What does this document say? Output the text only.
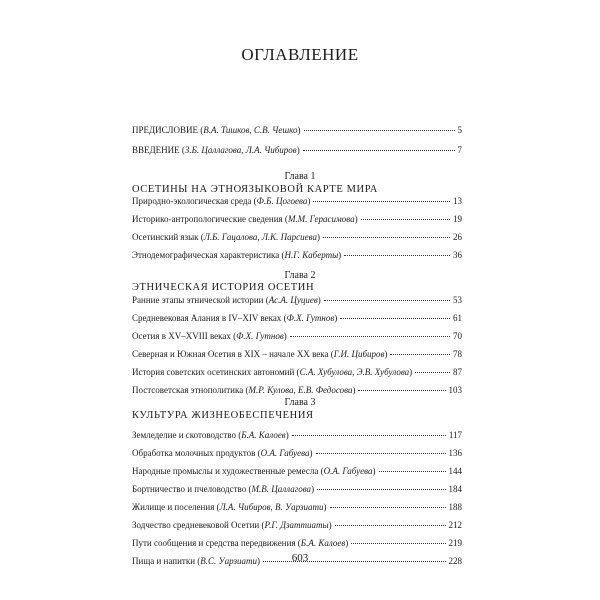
ОГЛАВЛЕНИЕ
ПРЕДИСЛОВИЕ (В.А. Тишков, С.В. Чешко)	5
ВВЕДЕНИЕ (З.Б. Цаллагова, Л.А. Чибиров)	7
Глава 1
ОСЕТИНЫ НА ЭТНОЯЗЫКОВОЙ КАРТЕ МИРА
Природно-экологическая среда (Ф.Б. Цогоева)	13
Историко-антропологические сведения (М.М. Герасимова)	19
Осетинский язык (Л.Б. Гацалова, Л.К. Парсиева)	26
Этнодемографическая характеристика (Н.Г. Каберты)	36
Глава 2
ЭТНИЧЕСКАЯ ИСТОРИЯ ОСЕТИН
Ранние этапы этнической истории (Ас.А. Цуциев)	53
Средневековая Алания в IV–XIV веках (Ф.Х. Гутнов)	61
Осетия в XV–XVIII веках (Ф.Х. Гутнов)	70
Северная и Южная Осетия в XIX – начале XX века (Г.И. Цибиров)	78
История советских осетинских автономий (С.А. Хубулова, Э.В. Хубулова)	87
Постсоветская этнополитика (М.Р. Кулова, Е.В. Федосова)	103
Глава 3
КУЛЬТУРА ЖИЗНЕОБЕСПЕЧЕНИЯ
Земледелие и скотоводство (Б.А. Калоев)	117
Обработка молочных продуктов (О.А. Габуева)	136
Народные промыслы и художественные ремесла (О.А. Габуева)	144
Бортничество и пчеловодство (М.В. Цаллагова)	184
Жилище и поселения (Л.А. Чибиров, В. Уарзиати)	188
Зодчество средневековой Осетии (Р.Г. Дзаттиаты)	212
Пути сообщения и средства передвижения (Б.А. Калоев)	219
Пища и напитки (В.С. Уарзиати)	228
603
